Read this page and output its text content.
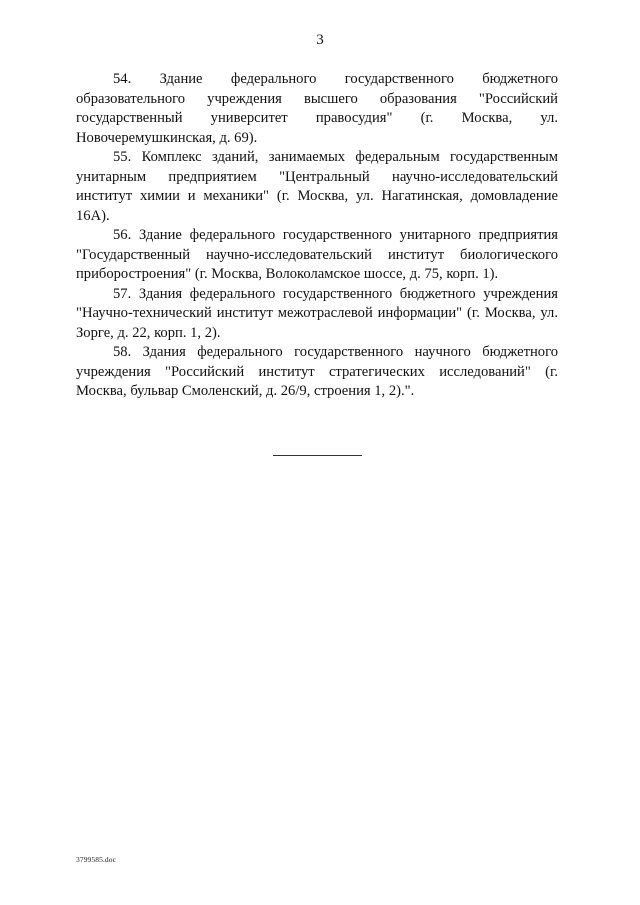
3

54. Здание федерального государственного бюджетного образовательного учреждения высшего образования "Российский государственный университет правосудия" (г. Москва, ул. Новочеремушкинская, д. 69).

55. Комплекс зданий, занимаемых федеральным государственным унитарным предприятием "Центральный научно-исследовательский институт химии и механики" (г. Москва, ул. Нагатинская, домовладение 16А).

56. Здание федерального государственного унитарного предприятия "Государственный научно-исследовательский институт биологического приборостроения" (г. Москва, Волоколамское шоссе, д. 75, корп. 1).

57. Здания федерального государственного бюджетного учреждения "Научно-технический институт межотраслевой информации" (г. Москва, ул. Зорге, д. 22, корп. 1, 2).

58. Здания федерального государственного научного бюджетного учреждения "Российский институт стратегических исследований" (г. Москва, бульвар Смоленский, д. 26/9, строения 1, 2).".

3799585.doc
